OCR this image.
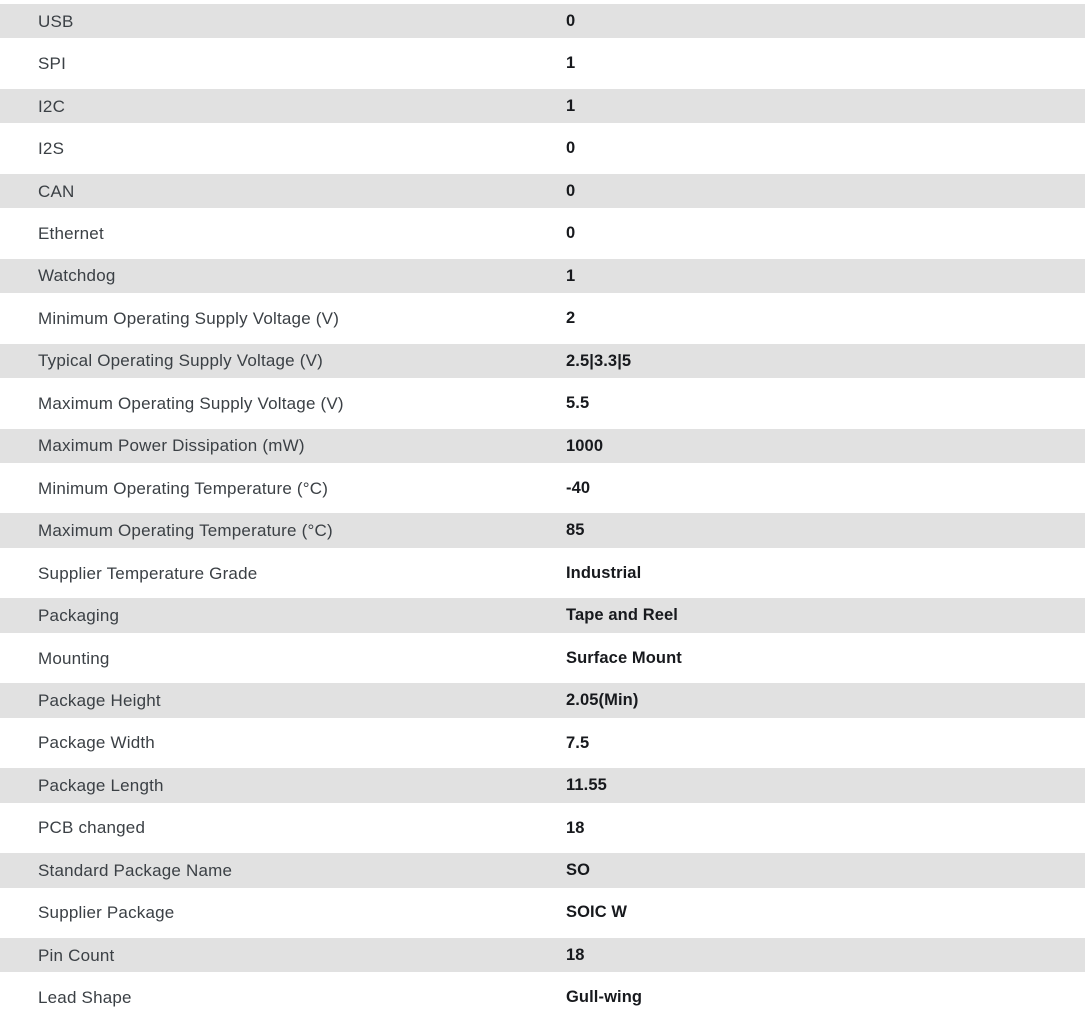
USB	0
SPI	1
I2C	1
I2S	0
CAN	0
Ethernet	0
Watchdog	1
Minimum Operating Supply Voltage (V)	2
Typical Operating Supply Voltage (V)	2.5|3.3|5
Maximum Operating Supply Voltage (V)	5.5
Maximum Power Dissipation (mW)	1000
Minimum Operating Temperature (°C)	-40
Maximum Operating Temperature (°C)	85
Supplier Temperature Grade	Industrial
Packaging	Tape and Reel
Mounting	Surface Mount
Package Height	2.05(Min)
Package Width	7.5
Package Length	11.55
PCB changed	18
Standard Package Name	SO
Supplier Package	SOIC W
Pin Count	18
Lead Shape	Gull-wing
